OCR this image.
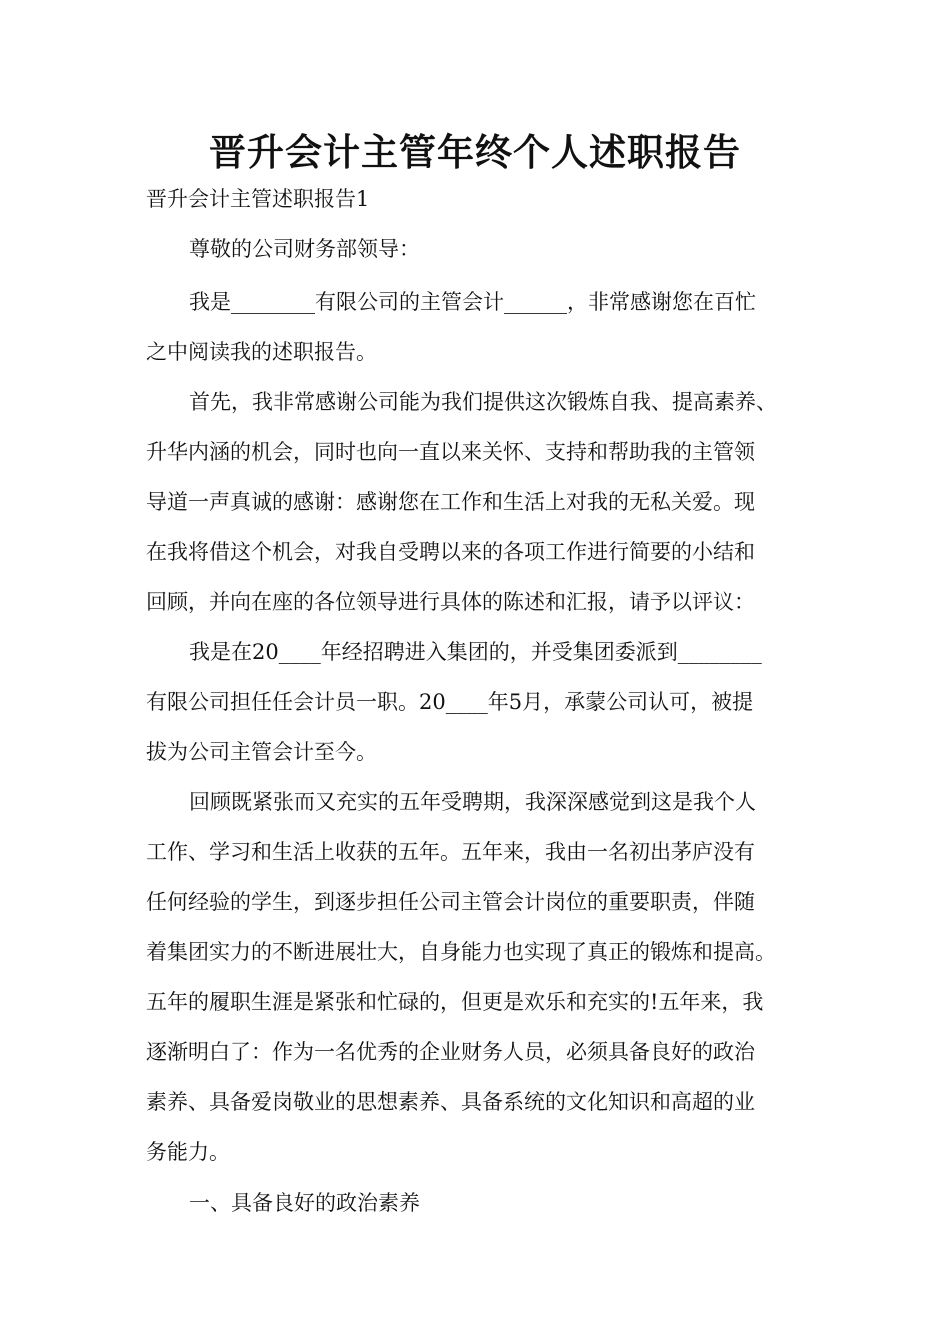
晋升会计主管年终个人述职报告

晋升会计主管述职报告1

尊敬的公司财务部领导：

我是________有限公司的主管会计______，非常感谢您在百忙

之中阅读我的述职报告。

首先，我非常感谢公司能为我们提供这次锻炼自我、提高素养、

升华内涵的机会，同时也向一直以来关怀、支持和帮助我的主管领

导道一声真诚的感谢：感谢您在工作和生活上对我的无私关爱。现

在我将借这个机会，对我自受聘以来的各项工作进行简要的小结和

回顾，并向在座的各位领导进行具体的陈述和汇报，请予以评议：

我是在20____年经招聘进入集团的，并受集团委派到________

有限公司担任任会计员一职。20____年5月，承蒙公司认可，被提

拔为公司主管会计至今。

回顾既紧张而又充实的五年受聘期，我深深感觉到这是我个人

工作、学习和生活上收获的五年。五年来，我由一名初出茅庐没有

任何经验的学生，到逐步担任公司主管会计岗位的重要职责，伴随

着集团实力的不断进展壮大，自身能力也实现了真正的锻炼和提高。

五年的履职生涯是紧张和忙碌的，但更是欢乐和充实的!五年来，我

逐渐明白了：作为一名优秀的企业财务人员，必须具备良好的政治

素养、具备爱岗敬业的思想素养、具备系统的文化知识和高超的业

务能力。

一、具备良好的政治素养
